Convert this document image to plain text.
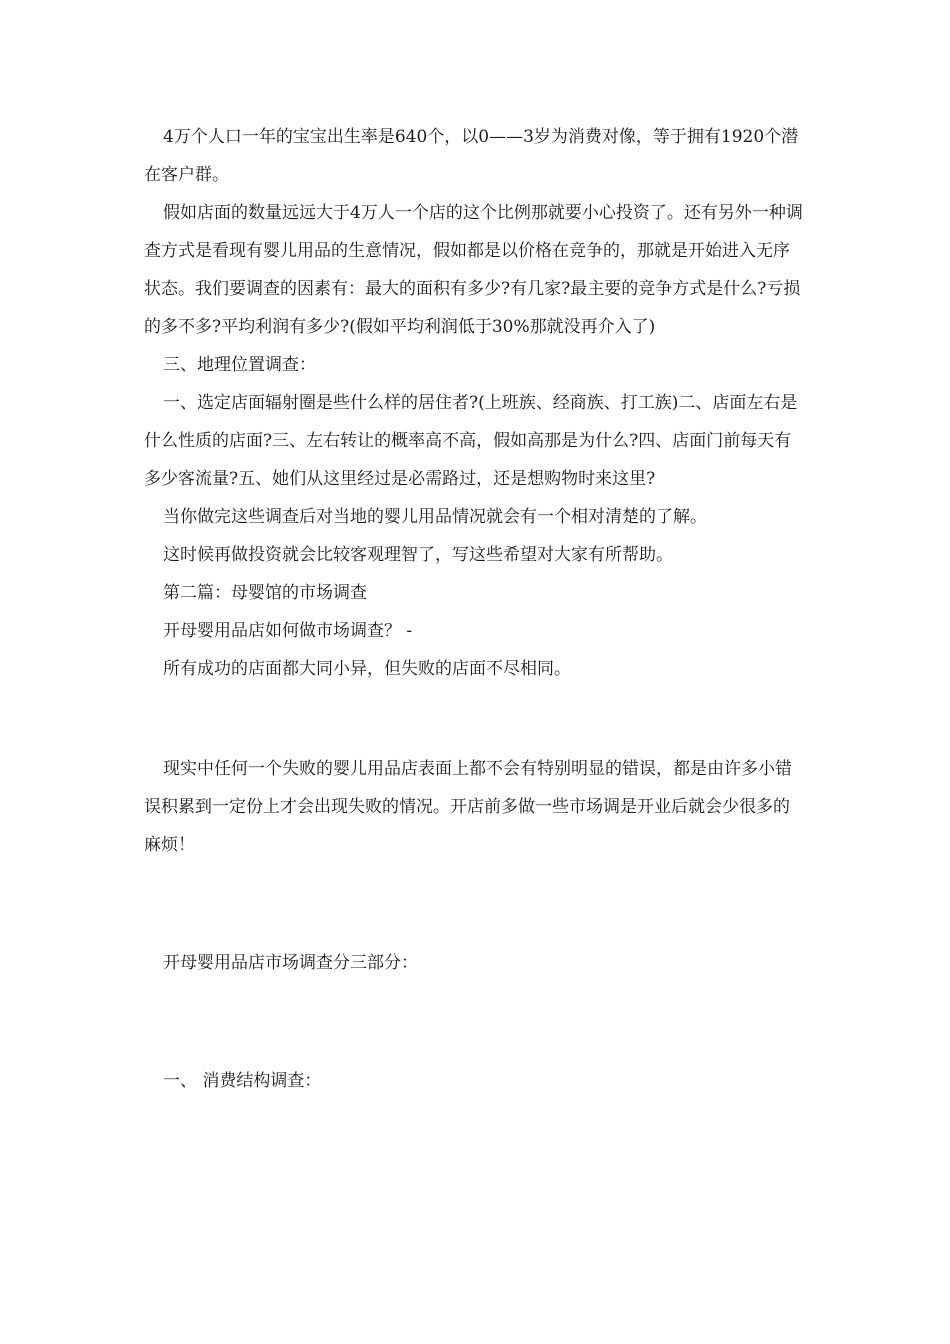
4万个人口一年的宝宝出生率是640个，以0——3岁为消费对像，等于拥有1920个潜在客户群。

假如店面的数量远远大于4万人一个店的这个比例那就要小心投资了。还有另外一种调查方式是看现有婴儿用品的生意情况，假如都是以价格在竞争的，那就是开始进入无序状态。我们要调查的因素有：最大的面积有多少?有几家?最主要的竞争方式是什么?亏损的多不多?平均利润有多少?(假如平均利润低于30%那就没再介入了)

三、地理位置调查：

一、选定店面辐射圈是些什么样的居住者?(上班族、经商族、打工族)二、店面左右是什么性质的店面?三、左右转让的概率高不高，假如高那是为什么?四、店面门前每天有多少客流量?五、她们从这里经过是必需路过，还是想购物时来这里?

当你做完这些调查后对当地的婴儿用品情况就会有一个相对清楚的了解。

这时候再做投资就会比较客观理智了，写这些希望对大家有所帮助。

第二篇：母婴馆的市场调查

开母婴用品店如何做市场调查？ -

所有成功的店面都大同小异，但失败的店面不尽相同。

现实中任何一个失败的婴儿用品店表面上都不会有特别明显的错误，都是由许多小错误积累到一定份上才会出现失败的情况。开店前多做一些市场调是开业后就会少很多的麻烦！

开母婴用品店市场调查分三部分：

一、 消费结构调查：
